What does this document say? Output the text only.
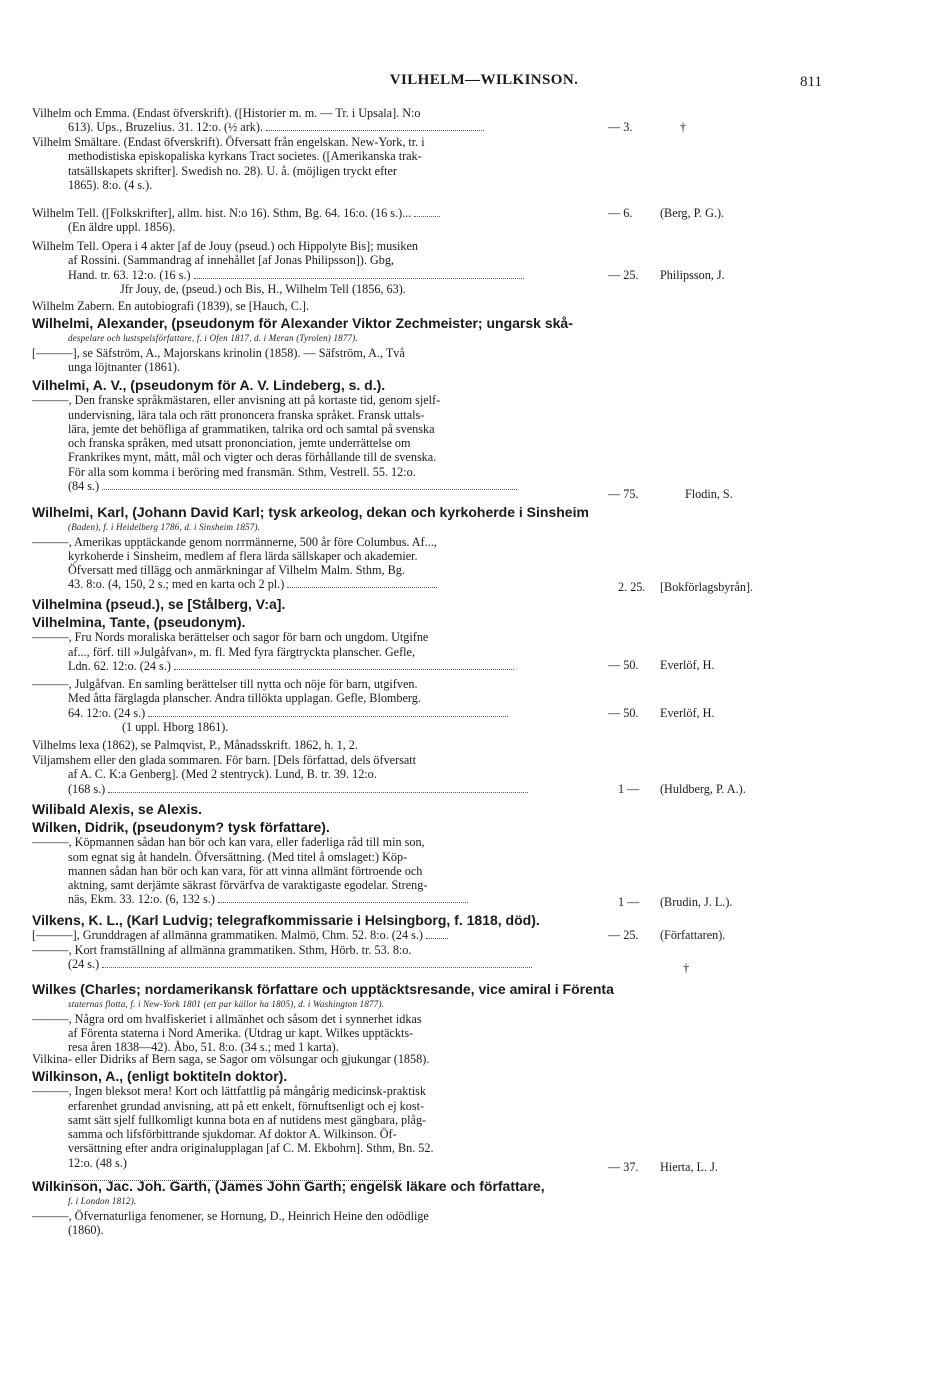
VILHELM—WILKINSON.	811
Vilhelm och Emma. (Endast öfverskrift). ([Historier m. m. — Tr. i Upsala]. N:o
613). Ups., Bruzelius. 31. 12:o. (½ ark).	— 3.	†
Vilhelm Smältare. (Endast öfverskrift). Öfversatt från engelskan. New-York, tr. i
methodistiska episkopaliska kyrkans Tract societes. ([Amerikanska trak-
tatsällskapets skrifter]. Swedish no. 28). U. å. (möjligen tryckt efter
1865). 8:o. (4 s.).
Wilhelm Tell. ([Folkskrifter], allm. hist. N:o 16). Sthm, Bg. 64. 16:o. (16 s.)...
(En äldre uppl. 1856).
— 6. (Berg, P. G.).
Wilhelm Tell. Opera i 4 akter [af de Jouy (pseud.) och Hippolyte Bis]; musiken
af Rossini. (Sammandrag af innehållet [af Jonas Philipsson]). Gbg,
Hand. tr. 63. 12:o. (16 s.)
Jfr Jouy, de, (pseud.) och Bis, H., Wilhelm Tell (1856, 63).
— 25. Philipsson, J.
Wilhelm Zabern. En autobiografi (1839), se [Hauch, C.].
Wilhelmi, Alexander, (pseudonym för Alexander Viktor Zechmeister; ungarsk skå-
despelare och lustspelsförfattare, f. i Ofen 1817, d. i Meran (Tyrolen) 1877).
[———], se Säfström, A., Majorskans krinolin (1858). — Säfström, A., Två
unga löjtnanter (1861).
Vilhelmi, A. V., (pseudonym för A. V. Lindeberg, s. d.).
———, Den franske språkmästaren, eller anvisning att på kortaste tid, genom sjelf-
undervisning, lära tala och rätt prononcera franska språket. Fransk uttals-
lära, jemte det behöfliga af grammatiken, talrika ord och samtal på svenska
och franska språken, med utsatt prononciation, jemte underrättelse om
Frankrikes mynt, mått, mål och vigter och deras förhållande till de svenska.
För alla som komma i beröring med fransmän. Sthm, Vestrell. 55. 12:o.
(84 s.)
— 75.	Flodin, S.
Wilhelmi, Karl, (Johann David Karl; tysk arkeolog, dekan och kyrkoherde i Sinsheim
(Baden), f. i Heidelberg 1786, d. i Sinsheim 1857).
———, Amerikas upptäckande genom norrmännerne, 500 år före Columbus. Af...,
kyrkoherde i Sinsheim, medlem af flera lärda sällskaper och akademier.
Öfversatt med tillägg och anmärkningar af Vilhelm Malm. Sthm, Bg.
43. 8:o. (4, 150, 2 s.; med en karta och 2 pl.)	2. 25. [Bokförlagsbyrån].
Vilhelmina (pseud.), se [Stålberg, V:a].
Vilhelmina, Tante, (pseudonym).
———, Fru Nords moraliska berättelser och sagor för barn och ungdom. Utgifne
af..., förf. till »Julgåfvan», m. fl. Med fyra färgtryckta planscher. Gefle,
Ldn. 62. 12:o. (24 s.)	— 50. Everlöf, H.
———, Julgåfvan. En samling berättelser till nytta och nöje för barn, utgifven.
Med åtta färglagda planscher. Andra tillökta upplagan. Gefle, Blomberg.
64. 12:o. (24 s.)
(1 uppl. Hborg 1861).
— 50. Everlöf, H.
Vilhelms lexa (1862), se Palmqvist, P., Månadsskrift. 1862, h. 1, 2.
Viljamshem eller den glada sommaren. För barn. [Dels författad, dels öfversatt
af A. C. K:a Genberg]. (Med 2 stentryck). Lund, B. tr. 39. 12:o.
(168 s.)	1 — (Huldberg, P. A.).
Wilibald Alexis, se Alexis.
Wilken, Didrik, (pseudonym? tysk författare).
———, Köpmannen sådan han bör och kan vara, eller faderliga råd till min son,
som egnat sig åt handeln. Öfversättning. (Med titel å omslaget:) Köp-
mannen sådan han bör och kan vara, för att vinna allmänt förtroende och
aktning, samt derjämte säkrast förvärfva de varaktigaste egodelar. Streng-
näs, Ekm. 33. 12:o. (6, 132 s.)	1 — (Brudin, J. L.).
Vilkens, K. L., (Karl Ludvig; telegrafkommissarie i Helsingborg, f. 1818, död).
[———], Grunddragen af allmänna grammatiken. Malmö, Chm. 52. 8:o. (24 s.)
———, Kort framställning af allmänna grammatiken. Sthm, Hörb. tr. 53. 8:o.
(24 s.)
— 25. (Författaren).
†
Wilkes (Charles; nordamerikansk författare och upptäcktsresande, vice amiral i Förenta
staternas flotta, f. i New-York 1801 (ett par källor ha 1805), d. i Washington 1877).
———, Några ord om hvalfiskeriet i allmänhet och såsom det i synnerhet idkas
af Förenta staterna i Nord Amerika. (Utdrag ur kapt. Wilkes upptäckts-
resa åren 1838—42). Åbo, 51. 8:o. (34 s.; med 1 karta).
Vilkina- eller Didriks af Bern saga, se Sagor om völsungar och gjukungar (1858).
Wilkinson, A., (enligt boktiteln doktor).
———, Ingen bleksot mera! Kort och lättfattlig på mångårig medicinsk-praktisk
erfarenhet grundad anvisning, att på ett enkelt, förnuftsenligt och ej kost-
samt sätt sjelf fullkomligt kunna bota en af nutidens mest gängbara, plåg-
samma och lifsförbittrande sjukdomar. Af doktor A. Wilkinson. Öf-
versättning efter andra originalupplagan [af C. M. Ekbohrn]. Sthm, Bn. 52.
12:o. (48 s.)	— 37. Hierta, L. J.
Wilkinson, Jac. Joh. Garth, (James John Garth; engelsk läkare och författare,
f. i London 1812).
———, Öfvernaturliga fenomener, se Hornung, D., Heinrich Heine den odödlige
(1860).
